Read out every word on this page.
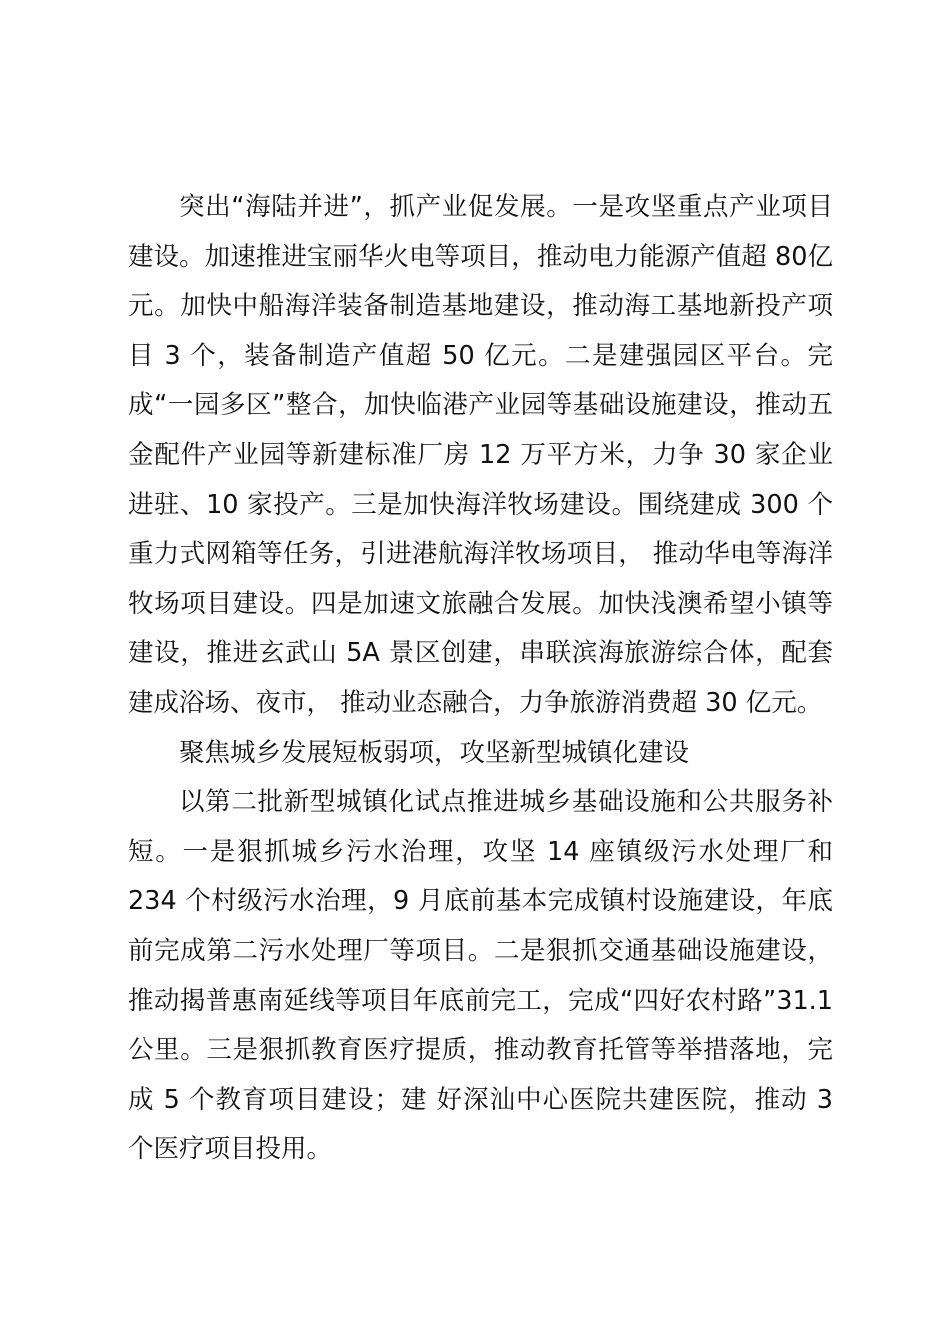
突出“海陆并进”，抓产业促发展。一是攻坚重点产业项目建设。加速推进宝丽华火电等项目，推动电力能源产值超 80亿元。加快中船海洋装备制造基地建设，推动海工基地新投产项目 3 个，装备制造产值超 50 亿元。二是建强园区平台。完成“一园多区”整合，加快临港产业园等基础设施建设，推动五金配件产业园等新建标准厂房 12 万平方米，力争 30 家企业进驻、10 家投产。三是加快海洋牧场建设。围绕建成 300 个重力式网箱等任务，引进港航海洋牧场项目， 推动华电等海洋牧场项目建设。四是加速文旅融合发展。加快浅澳希望小镇等建设，推进玄武山 5A 景区创建，串联滨海旅游综合体，配套建成浴场、夜市， 推动业态融合，力争旅游消费超 30 亿元。

聚焦城乡发展短板弱项，攻坚新型城镇化建设

以第二批新型城镇化试点推进城乡基础设施和公共服务补短。一是狠抓城乡污水治理，攻坚 14 座镇级污水处理厂和234 个村级污水治理，9 月底前基本完成镇村设施建设，年底前完成第二污水处理厂等项目。二是狠抓交通基础设施建设，推动揭普惠南延线等项目年底前完工，完成“四好农村路”31.1 公里。三是狠抓教育医疗提质，推动教育托管等举措落地，完成 5 个教育项目建设；建 好深汕中心医院共建医院，推动 3 个医疗项目投用。
